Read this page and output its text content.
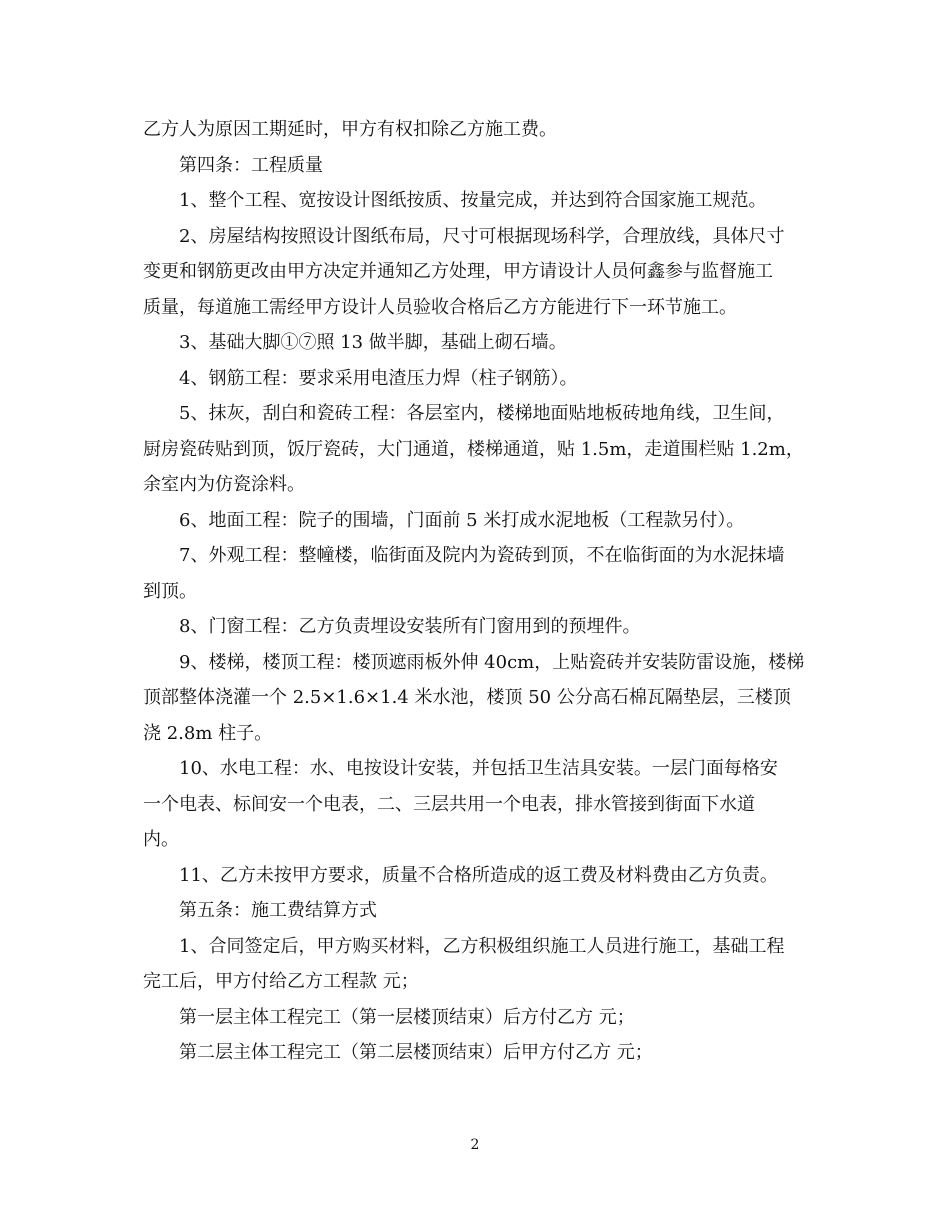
乙方人为原因工期延时，甲方有权扣除乙方施工费。

第四条：工程质量

1、整个工程、宽按设计图纸按质、按量完成，并达到符合国家施工规范。

2、房屋结构按照设计图纸布局，尺寸可根据现场科学，合理放线，具体尺寸
变更和钢筋更改由甲方决定并通知乙方处理，甲方请设计人员何鑫参与监督施工
质量，每道施工需经甲方设计人员验收合格后乙方方能进行下一环节施工。

3、基础大脚①⑦照 13 做半脚，基础上砌石墙。

4、钢筋工程：要求采用电渣压力焊（柱子钢筋）。

5、抹灰，刮白和瓷砖工程：各层室内，楼梯地面贴地板砖地角线，卫生间，
厨房瓷砖贴到顶，饭厅瓷砖，大门通道，楼梯通道，贴 1.5m，走道围栏贴 1.2m，
余室内为仿瓷涂料。

6、地面工程：院子的围墙，门面前 5 米打成水泥地板（工程款另付）。

7、外观工程：整幢楼，临街面及院内为瓷砖到顶，不在临街面的为水泥抹墙
到顶。

8、门窗工程：乙方负责埋设安装所有门窗用到的预埋件。

9、楼梯，楼顶工程：楼顶遮雨板外伸 40cm，上贴瓷砖并安装防雷设施，楼梯
顶部整体浇灌一个 2.5×1.6×1.4 米水池，楼顶 50 公分高石棉瓦隔垫层，三楼顶
浇 2.8m 柱子。

10、水电工程：水、电按设计安装，并包括卫生洁具安装。一层门面每格安
一个电表、标间安一个电表，二、三层共用一个电表，排水管接到街面下水道
内。

11、乙方未按甲方要求，质量不合格所造成的返工费及材料费由乙方负责。

第五条：施工费结算方式

1、合同签定后，甲方购买材料，乙方积极组织施工人员进行施工，基础工程
完工后，甲方付给乙方工程款 元；

第一层主体工程完工（第一层楼顶结束）后方付乙方 元；

第二层主体工程完工（第二层楼顶结束）后甲方付乙方 元；

2
